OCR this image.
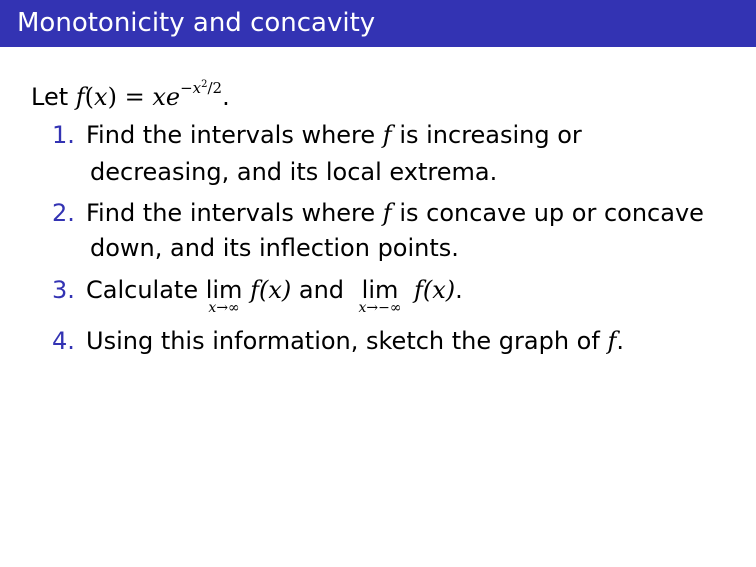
Monotonicity and concavity
Let $f(x) = xe^{-x^2/2}$.
1. Find the intervals where f is increasing or
decreasing, and its local extrema.
2. Find the intervals where f is concave up or concave
down, and its inflection points.
3. Calculate lim
x→∞
f(x) and lim
x→−∞
f(x).
4. Using this information, sketch the graph of f.
